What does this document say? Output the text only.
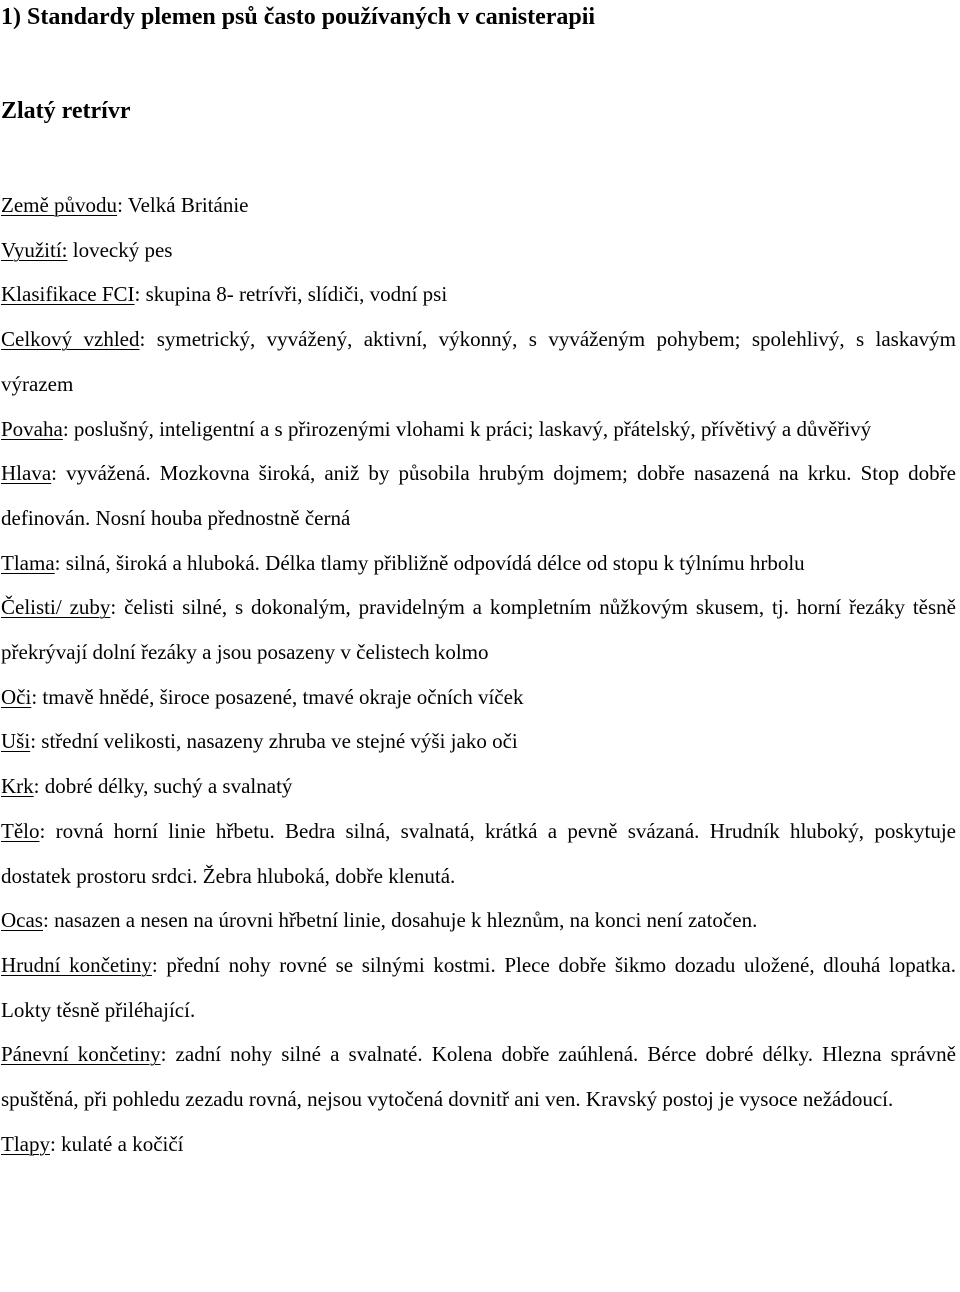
1) Standardy plemen psů často používaných v canisterapii
Zlatý retrívr

Země původu: Velká Británie

Využití: lovecký pes

Klasifikace FCI: skupina 8- retrívři, slídiči, vodní psi

Celkový vzhled: symetrický, vyvážený, aktivní, výkonný, s vyváženým pohybem; spolehlivý, s laskavým výrazem

Povaha: poslušný, inteligentní a s přirozenými vlohami k práci; laskavý, přátelský, přívětivý a důvěřivý

Hlava: vyvážená. Mozkovna široká, aniž by působila hrubým dojmem; dobře nasazená na krku. Stop dobře definován. Nosní houba přednostně černá

Tlama: silná, široká a hluboká. Délka tlamy přibližně odpovídá délce od stopu k týlnímu hrbolu

Čelisti/ zuby: čelisti silné, s dokonalým, pravidelným a kompletním nůžkovým skusem, tj. horní řezáky těsně překrývají dolní řezáky a jsou posazeny v čelistech kolmo

Oči: tmavě hnědé, široce posazené, tmavé okraje očních víček

Uši: střední velikosti, nasazeny zhruba ve stejné výši jako oči

Krk: dobré délky, suchý a svalnatý

Tělo: rovná horní linie hřbetu. Bedra silná, svalnatá, krátká a pevně svázaná. Hrudník hluboký, poskytuje dostatek prostoru srdci. Žebra hluboká, dobře klenutá.

Ocas: nasazen a nesen na úrovni hřbetní linie, dosahuje k hleznům, na konci není zatočen.

Hrudní končetiny: přední nohy rovné se silnými kostmi. Plece dobře šikmo dozadu uložené, dlouhá lopatka. Lokty těsně přiléhající.

Pánevní končetiny: zadní nohy silné a svalnaté. Kolena dobře zaúhlená. Bérce dobré délky. Hlezna správně spuštěná, při pohledu zezadu rovná, nejsou vytočená dovnitř ani ven. Kravský postoj je vysoce nežádoucí.

Tlapy: kulaté a kočičí
